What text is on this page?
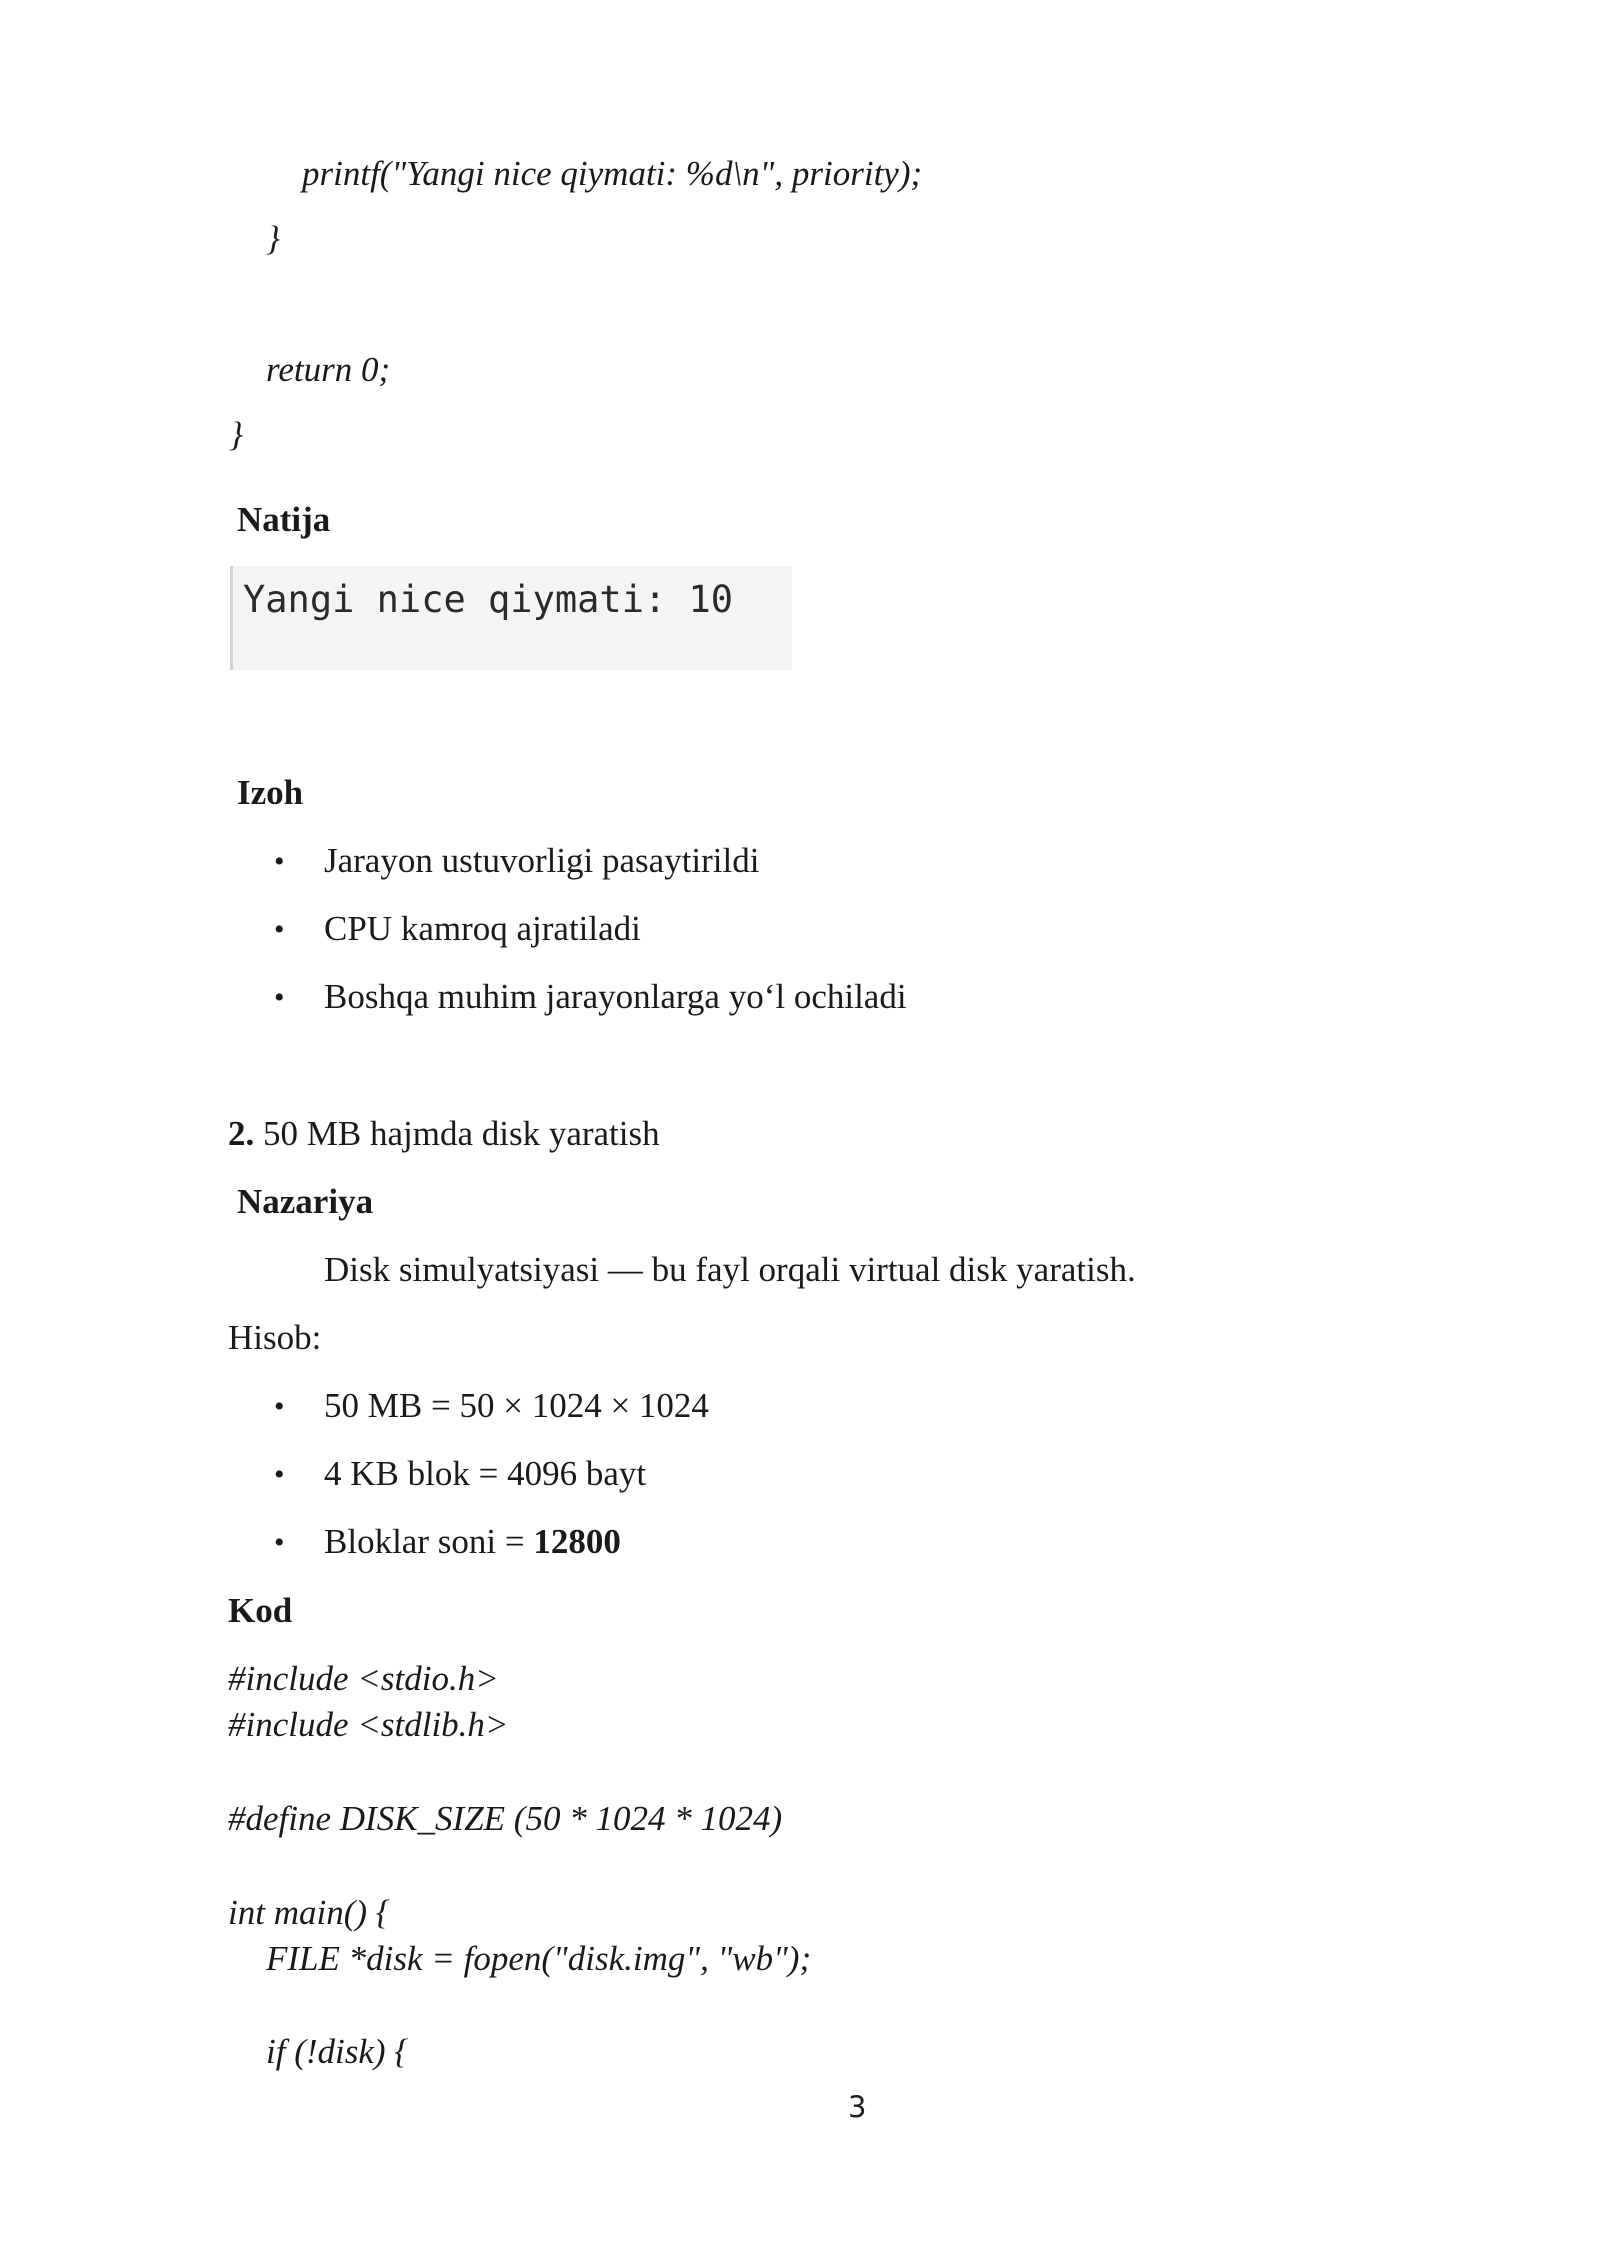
printf("Yangi nice qiymati: %d\n", priority);
}
return 0;
}
Natija
Yangi nice qiymati: 10
Izoh
• Jarayon ustuvorligi pasaytirildi
• CPU kamroq ajratiladi
• Boshqa muhim jarayonlarga yo‘l ochiladi
2. 50 MB hajmda disk yaratish
Nazariya
Disk simulyatsiyasi — bu fayl orqali virtual disk yaratish.
Hisob:
• 50 MB = 50 × 1024 × 1024
• 4 KB blok = 4096 bayt
• Bloklar soni = 12800
Kod
#include <stdio.h>
#include <stdlib.h>
#define DISK_SIZE (50 * 1024 * 1024)
int main() {
FILE *disk = fopen("disk.img", "wb");
if (!disk) {
3
